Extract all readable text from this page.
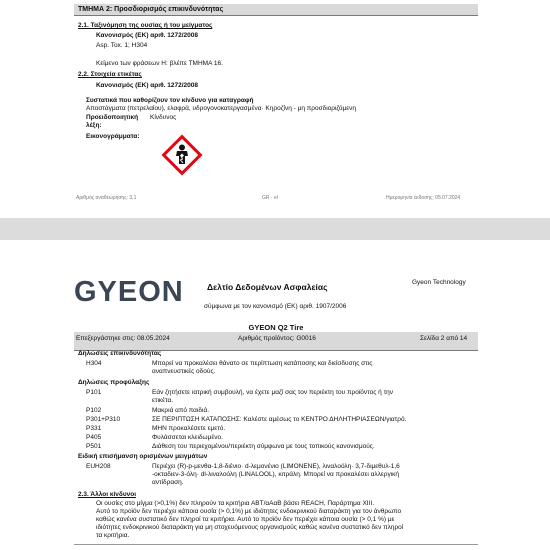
ΤΜΗΜΑ 2: Προσδιορισμός επικινδυνότητας
2.1. Ταξινόμηση της ουσίας ή του μείγματος
Κανονισμός (ΕΚ) αριθ. 1272/2008
Asp. Tox. 1; H304
Κείμενο των φράσεων H: βλέπε ΤΜΗΜΑ 16.
2.2. Στοιχεία ετικέτας
Κανονισμός (ΕΚ) αριθ. 1272/2008
Συστατικά που καθορίζουν τον κίνδυνο για καταγραφή
Αποστάγματα (πετρελαίου), ελαφρά, υδρογονοκατεργασμένα· Κηροζίνη - μη προσδιοριζόμενη
Προειδοποιητική
λέξη:
Κίνδυνος
Εικονογράμματα:
Αριθμός αναθεώρησης: 3,1	GR - el	Ημερομηνία έκδοσης: 05.07.2024
GYEON	Gyeon Technology
Δελτίο Δεδομένων Ασφαλείας
σύμφωνα με τον κανονισμό (ΕΚ) αριθ. 1907/2006
GYEON Q2 Tire
Επεξεργάστηκε στις: 08.05.2024	Αριθμός προϊόντος: G0016	Σελίδα 2 από 14
Δηλώσεις επικινδυνότητας
H304	Μπορεί να προκαλέσει θάνατο σε περίπτωση κατάποσης και διείσδυσης στις
αναπνευστικές οδούς.
Δηλώσεις προφύλαξης
P101	Εάν ζητήσετε ιατρική συμβουλή, να έχετε μαζί σας τον περιέκτη του προϊόντος ή την
ετικέτα.
P102	Μακριά από παιδιά.
P301+P310	ΣΕ ΠΕΡΙΠΤΩΣΗ ΚΑΤΑΠΟΣΗΣ: Καλέστε αμέσως το ΚΕΝΤΡΟ ΔΗΛΗΤΗΡΙΑΣΕΩΝ/γιατρό.
P331	ΜΗΝ προκαλέσετε εμετό.
P405	Φυλάσσεται κλειδωμένο.
P501	Διάθεση του περιεχομένου/περιέκτη σύμφωνα με τους τοπικούς κανονισμούς.
Ειδική επισήμανση ορισμένων μειγμάτων
EUH208	Περιέχει (R)-p-μενθα-1,8-διένιο· d-λεμονένιο (LIMONENE), λιναλοόλη· 3,7-διμεθυλ-1,6
-οκταδιεν-3-όλη· dl-λιναλοόλη (LINALOOL), κιτράλη. Μπορεί να προκαλέσει αλλεργική
αντίδραση.
2.3. Άλλοι κίνδυνοι
Οι ουσίες στο μίγμα (>0,1%) δεν πληρούν τα κριτήρια ΑΒΤ/αΑαΒ βάσει REACH, Παράρτημα XIII.
Αυτό το προϊόν δεν περιέχει κάποια ουσία (> 0,1%) με ιδιότητες ενδοκρινικού διαταράκτη για τον άνθρωπο
καθώς κανένα συστατικό δεν πληροί τα κριτήρια. Αυτό το προϊόν δεν περιέχει κάποια ουσία (> 0,1 %) με
ιδιότητες ενδοκρινικού διαταράκτη για μη στοχευόμενους οργανισμούς καθώς κανένα συστατικό δεν πληροί
τα κριτήρια.
